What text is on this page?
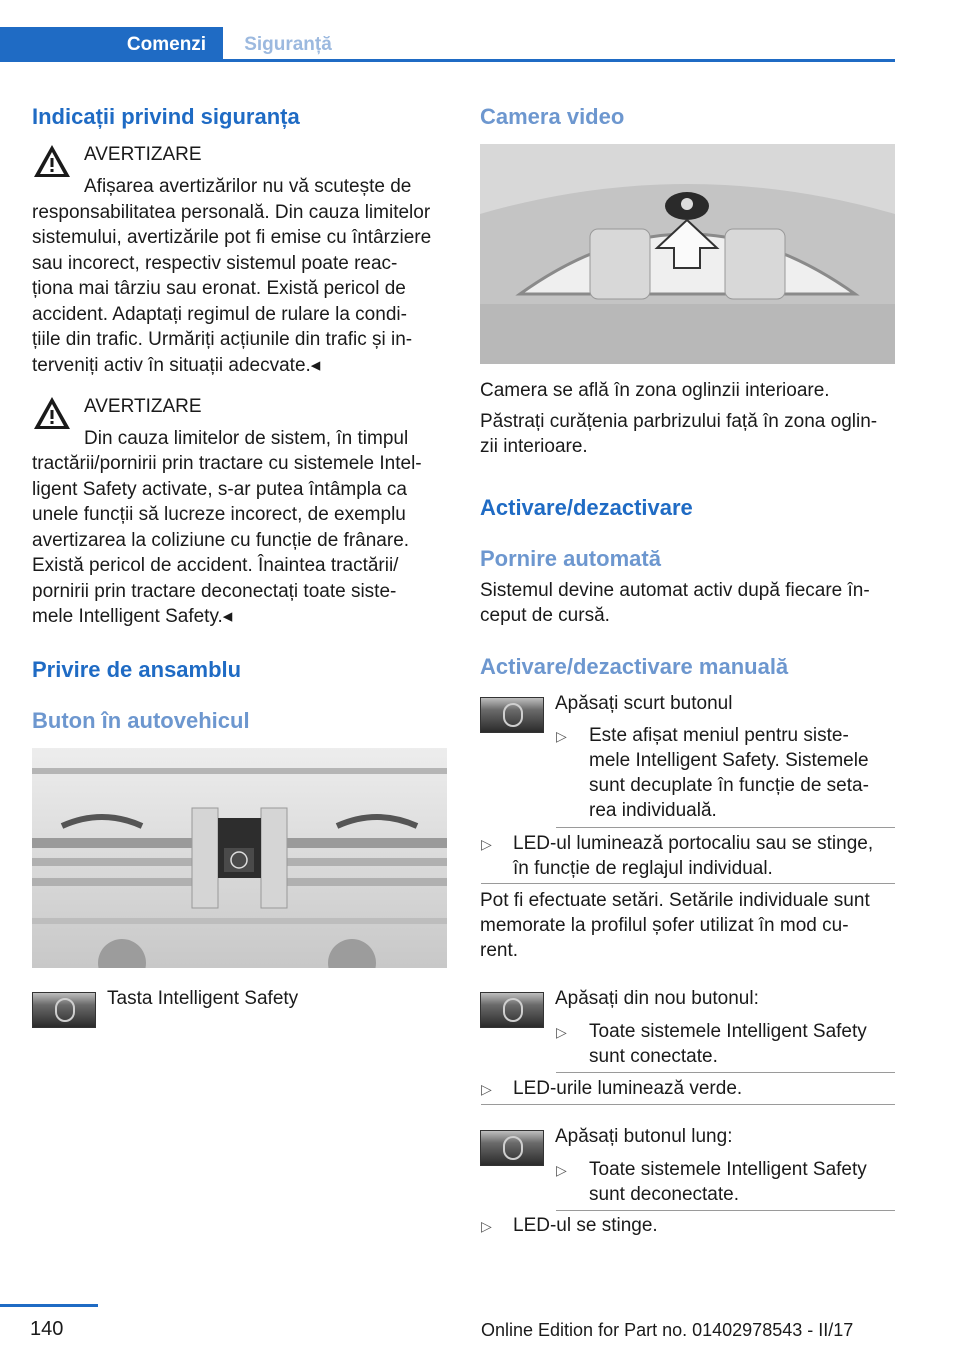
Comenzi	Siguranță
Indicații privind siguranța
AVERTIZARE
Afișarea avertizărilor nu vă scutește de
responsabilitatea personală. Din cauza limitelor
sistemului, avertizările pot fi emise cu întârziere
sau incorect, respectiv sistemul poate reac‐
ționa mai târziu sau eronat. Există pericol de
accident. Adaptați regimul de rulare la condi‐
țiile din trafic. Urmăriți acțiunile din trafic și in‐
terveniți activ în situații adecvate.◂
AVERTIZARE
Din cauza limitelor de sistem, în timpul
tractării/pornirii prin tractare cu sistemele Intel‐
ligent Safety activate, s-ar putea întâmpla ca
unele funcții să lucreze incorect, de exemplu
avertizarea la coliziune cu funcție de frânare.
Există pericol de accident. Înaintea tractării/
pornirii prin tractare deconectați toate siste‐
mele Intelligent Safety.◂
Privire de ansamblu
Buton în autovehicul
Tasta Intelligent Safety
Camera video
Camera se află în zona oglinzii interioare.
Păstrați curățenia parbrizului față în zona oglin‐
zii interioare.
Activare/dezactivare
Pornire automată
Sistemul devine automat activ după fiecare în‐
ceput de cursă.
Activare/dezactivare manuală
Apăsați scurt butonul
▷ Este afișat meniul pentru siste‐
mele Intelligent Safety. Sistemele
sunt decuplate în funcție de seta‐
rea individuală.
▷ LED-ul luminează portocaliu sau se stinge,
în funcție de reglajul individual.
Pot fi efectuate setări. Setările individuale sunt
memorate la profilul șofer utilizat în mod cu‐
rent.
Apăsați din nou butonul:
▷ Toate sistemele Intelligent Safety
sunt conectate.
▷ LED-urile luminează verde.
Apăsați butonul lung:
▷ Toate sistemele Intelligent Safety
sunt deconectate.
▷ LED-ul se stinge.
140	Online Edition for Part no. 01402978543 - II/17
